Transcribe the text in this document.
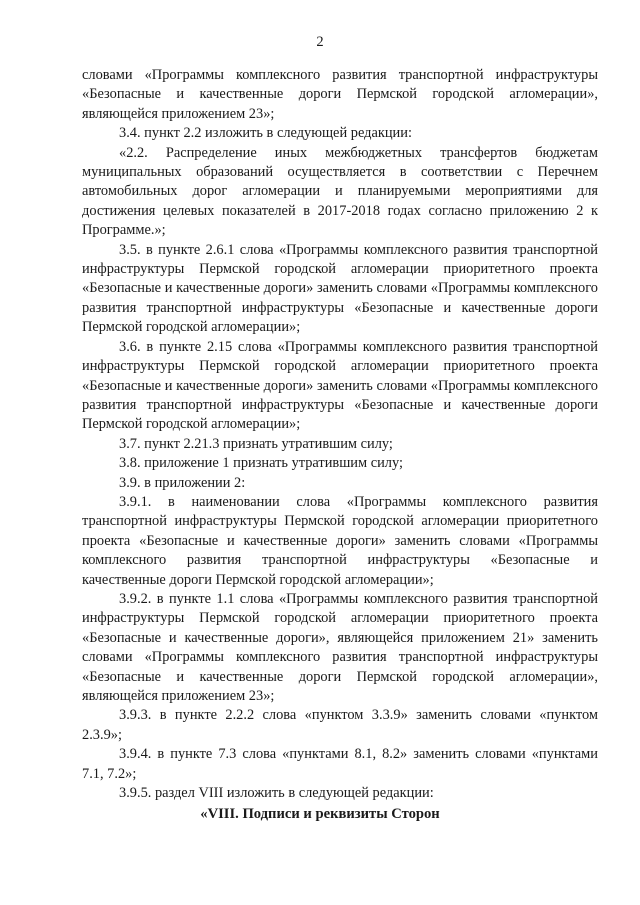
2

словами «Программы комплексного развития транспортной инфраструктуры «Безопасные и качественные дороги Пермской городской агломерации», являющейся приложением 23»;

3.4. пункт 2.2 изложить в следующей редакции:

«2.2. Распределение иных межбюджетных трансфертов бюджетам муниципальных образований осуществляется в соответствии с Перечнем автомобильных дорог агломерации и планируемыми мероприятиями для достижения целевых показателей в 2017-2018 годах согласно приложению 2 к Программе.»;

3.5. в пункте 2.6.1 слова «Программы комплексного развития транспортной инфраструктуры Пермской городской агломерации приоритетного проекта «Безопасные и качественные дороги» заменить словами «Программы комплексного развития транспортной инфраструктуры «Безопасные и качественные дороги Пермской городской агломерации»;

3.6. в пункте 2.15 слова «Программы комплексного развития транспортной инфраструктуры Пермской городской агломерации приоритетного проекта «Безопасные и качественные дороги» заменить словами «Программы комплексного развития транспортной инфраструктуры «Безопасные и качественные дороги Пермской городской агломерации»;

3.7. пункт 2.21.3 признать утратившим силу;

3.8. приложение 1 признать утратившим силу;

3.9. в приложении 2:

3.9.1. в наименовании слова «Программы комплексного развития транспортной инфраструктуры Пермской городской агломерации приоритетного проекта «Безопасные и качественные дороги» заменить словами «Программы комплексного развития транспортной инфраструктуры «Безопасные и качественные дороги Пермской городской агломерации»;

3.9.2. в пункте 1.1 слова «Программы комплексного развития транспортной инфраструктуры Пермской городской агломерации приоритетного проекта «Безопасные и качественные дороги», являющейся приложением 21» заменить словами «Программы комплексного развития транспортной инфраструктуры «Безопасные и качественные дороги Пермской городской агломерации», являющейся приложением 23»;

3.9.3. в пункте 2.2.2 слова «пунктом 3.3.9» заменить словами «пунктом 2.3.9»;

3.9.4. в пункте 7.3 слова «пунктами 8.1, 8.2» заменить словами «пунктами 7.1, 7.2»;

3.9.5. раздел VIII изложить в следующей редакции:

«VIII. Подписи и реквизиты Сторон
